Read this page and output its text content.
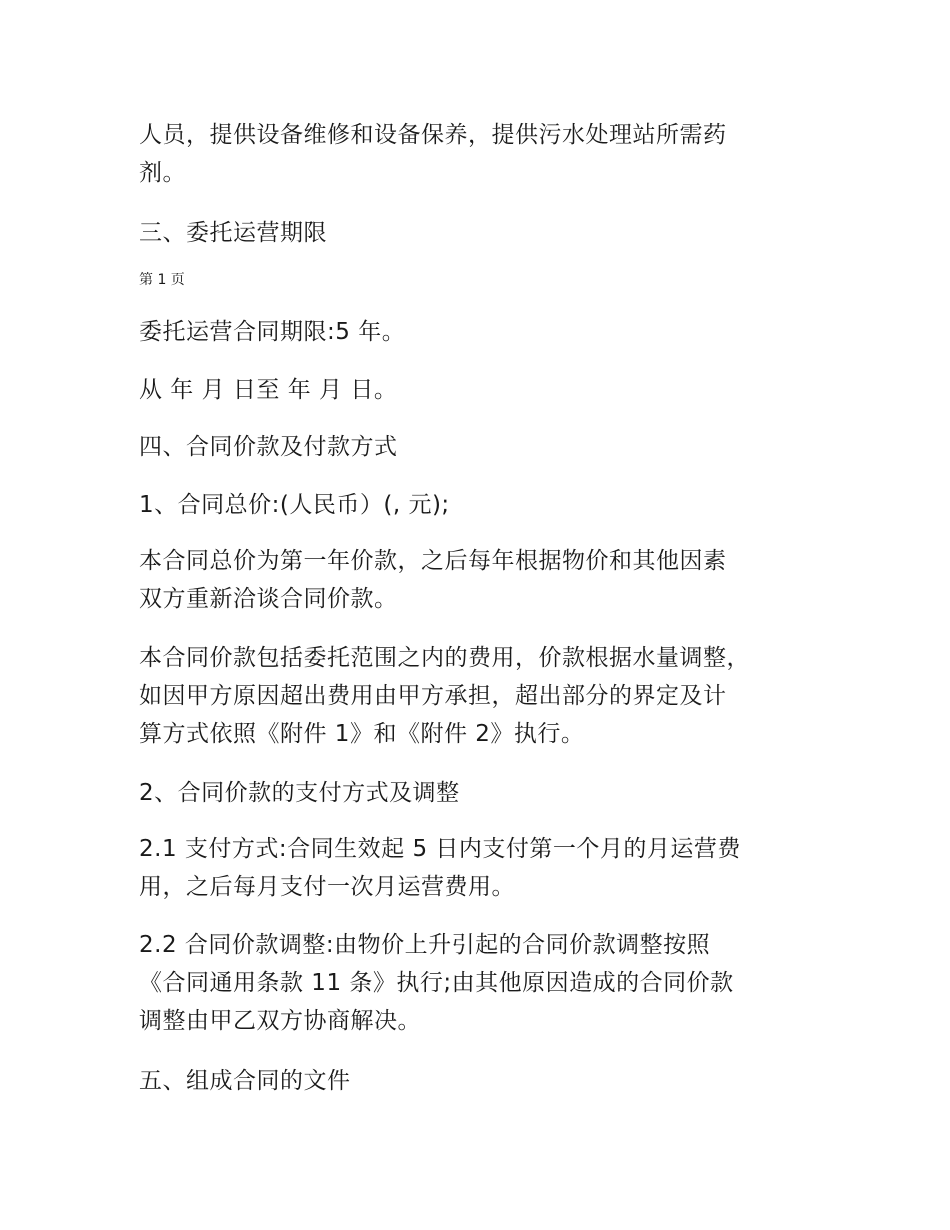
人员，提供设备维修和设备保养，提供污水处理站所需药
剂。
三、委托运营期限
第 1 页
委托运营合同期限:5 年。
从 年 月 日至 年 月 日。
四、合同价款及付款方式
1、合同总价:(人民币）(, 元);
本合同总价为第一年价款，之后每年根据物价和其他因素
双方重新洽谈合同价款。
本合同价款包括委托范围之内的费用，价款根据水量调整，
如因甲方原因超出费用由甲方承担，超出部分的界定及计
算方式依照《附件 1》和《附件 2》执行。
2、合同价款的支付方式及调整
2.1 支付方式:合同生效起 5 日内支付第一个月的月运营费
用，之后每月支付一次月运营费用。
2.2 合同价款调整:由物价上升引起的合同价款调整按照
《合同通用条款 11 条》执行;由其他原因造成的合同价款
调整由甲乙双方协商解决。
五、组成合同的文件
